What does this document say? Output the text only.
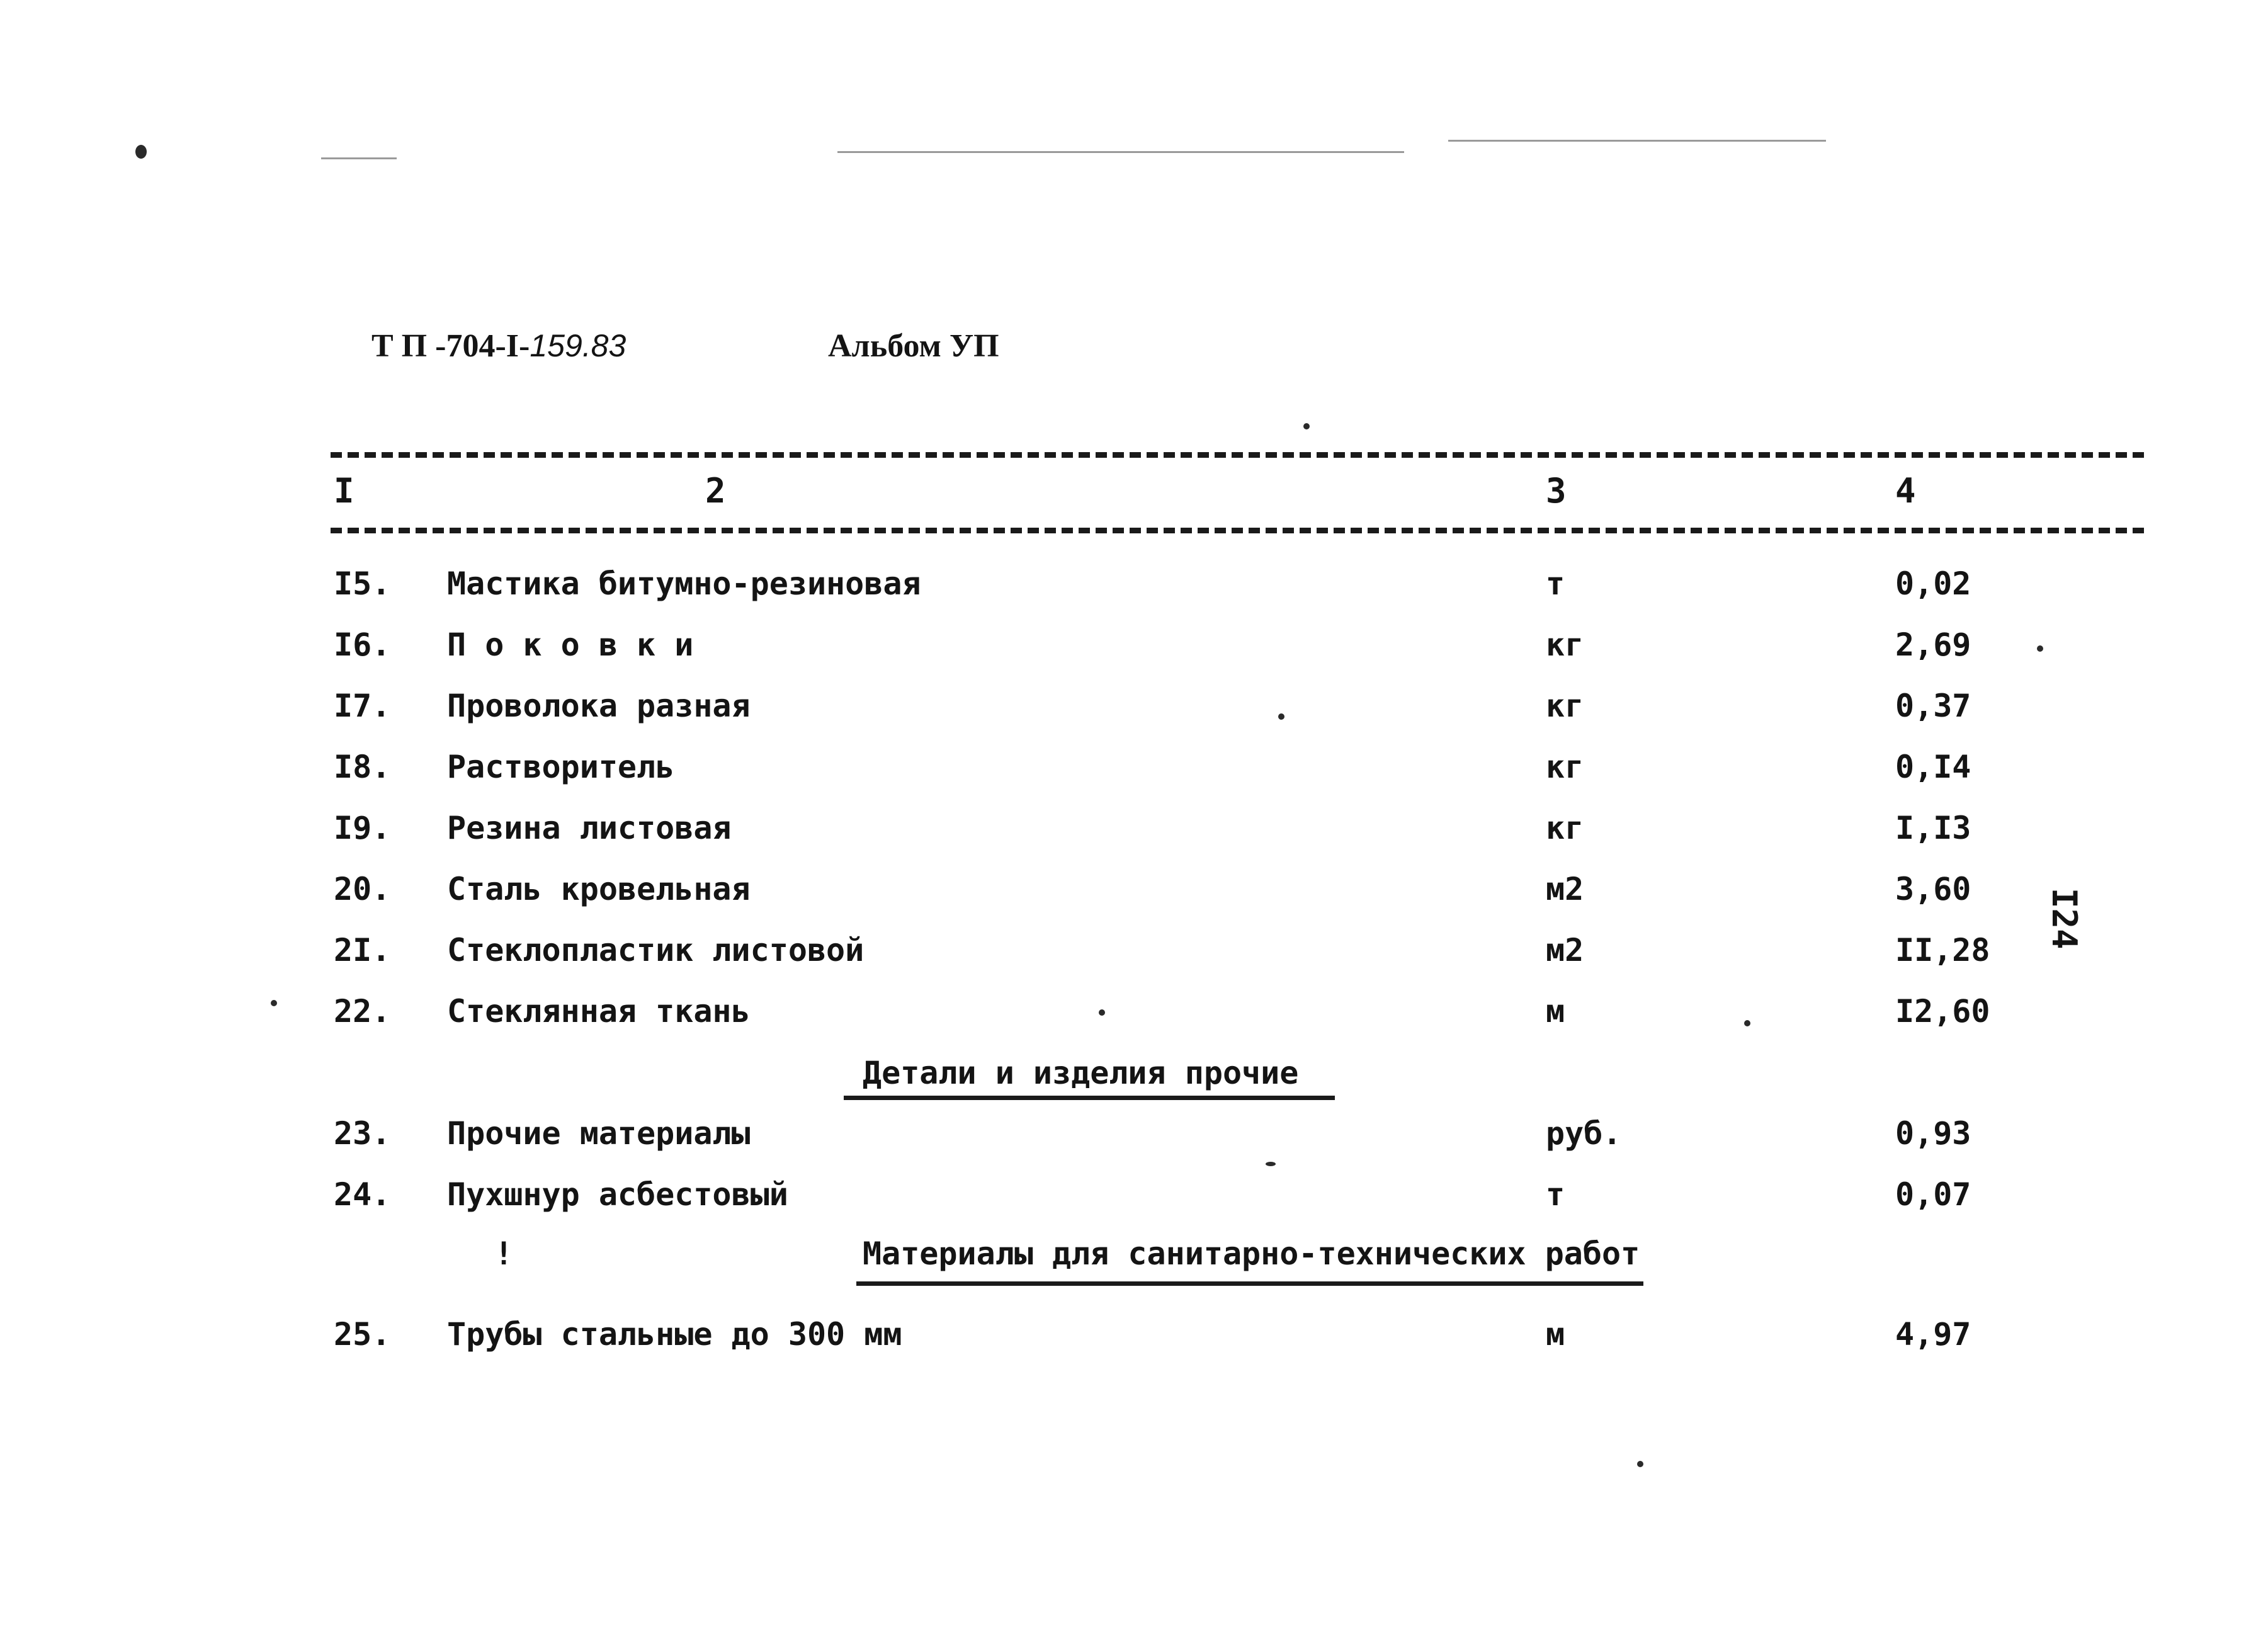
Т П -704-I-159.83	Альбом УП
I	2	3	4
I5. Мастика битумно-резиновая	т	0,02
I6. П о к о в к и	кг	2,69
I7. Проволока разная	кг	0,37
I8. Растворитель	кг	0,I4
I9. Резина листовая	кг	I,I3
20. Сталь кровельная	м2	3,60
2I. Стеклопластик листовой	м2	II,28
22. Стеклянная ткань	м	I2,60
Детали и изделия прочие
23. Прочие материалы	руб.	0,93
24. Пухшнур асбестовый	т	0,07
!	Материалы для санитарно-технических работ
25. Трубы стальные до 300 мм	м	4,97
I24
